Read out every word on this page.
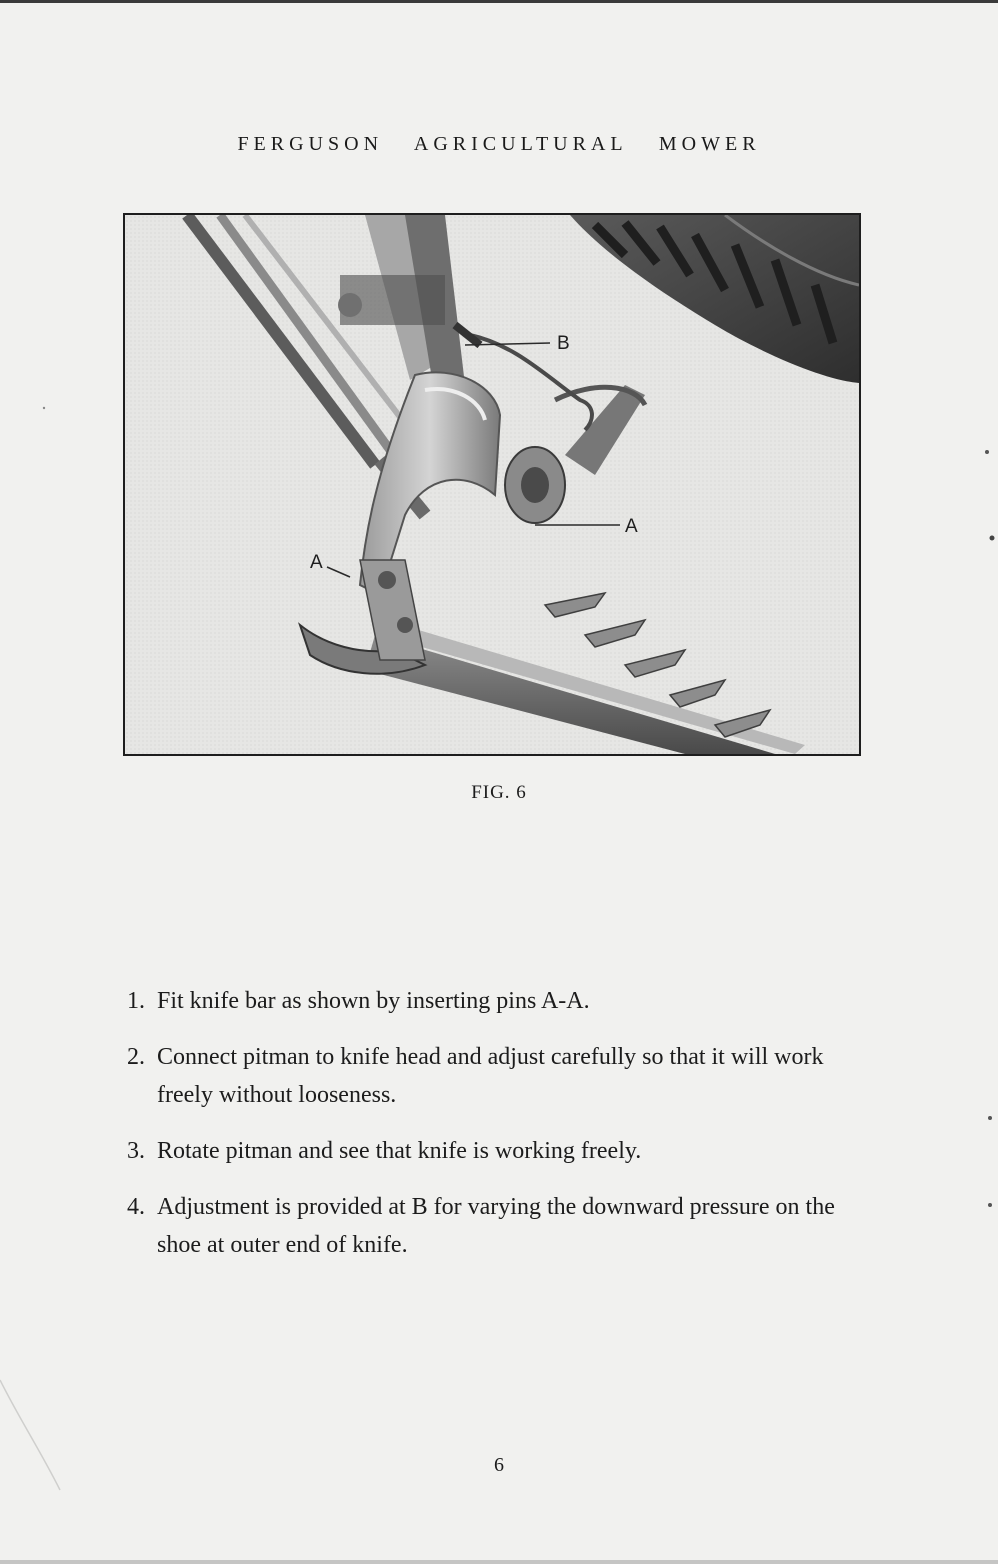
FERGUSON AGRICULTURAL MOWER
B
A
A
FIG. 6
1. Fit knife bar as shown by inserting pins A-A.
2. Connect pitman to knife head and adjust carefully so that it will work freely without looseness.
3. Rotate pitman and see that knife is working freely.
4. Adjustment is provided at B for varying the downward pressure on the shoe at outer end of knife.
6
